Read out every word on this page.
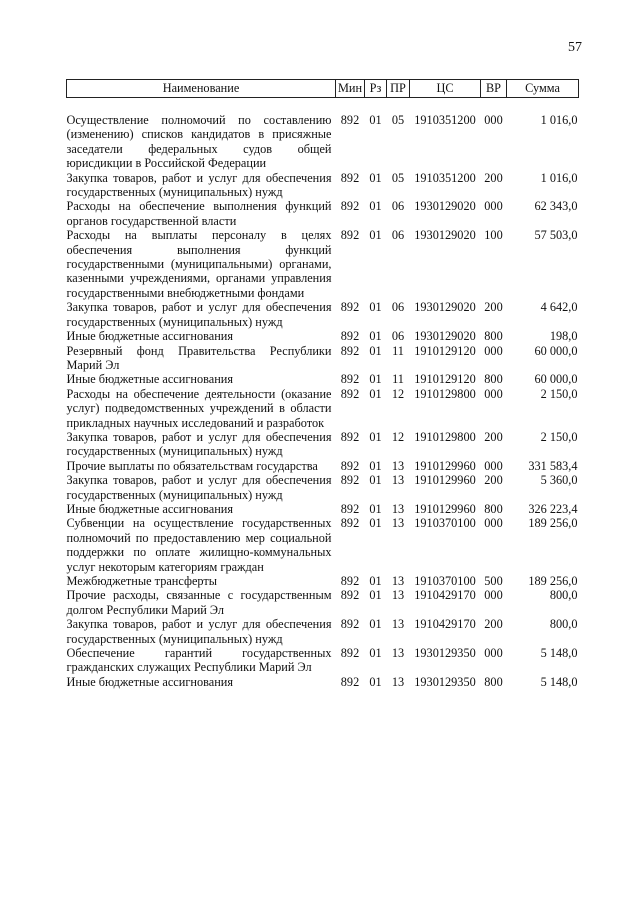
57
Наименование	Мин	Рз	ПР	ЦС	ВР	Сумма

Осуществление полномочий по составлению (изменению) списков кандидатов в присяжные заседатели федеральных судов общей юрисдикции в Российской Федерации	892	01	05	1910351200	000	1 016,0
Закупка товаров, работ и услуг для обеспечения государственных (муниципальных) нужд	892	01	05	1910351200	200	1 016,0
Расходы на обеспечение выполнения функций органов государственной власти	892	01	06	1930129020	000	62 343,0
Расходы на выплаты персоналу в целях обеспечения выполнения функций государственными (муниципальными) органами, казенными учреждениями, органами управления государственными внебюджетными фондами	892	01	06	1930129020	100	57 503,0
Закупка товаров, работ и услуг для обеспечения государственных (муниципальных) нужд	892	01	06	1930129020	200	4 642,0
Иные бюджетные ассигнования	892	01	06	1930129020	800	198,0
Резервный фонд Правительства Республики Марий Эл	892	01	11	1910129120	000	60 000,0
Иные бюджетные ассигнования	892	01	11	1910129120	800	60 000,0
Расходы на обеспечение деятельности (оказание услуг) подведомственных учреждений в области прикладных научных исследований и разработок	892	01	12	1910129800	000	2 150,0
Закупка товаров, работ и услуг для обеспечения государственных (муниципальных) нужд	892	01	12	1910129800	200	2 150,0
Прочие выплаты по обязательствам государства	892	01	13	1910129960	000	331 583,4
Закупка товаров, работ и услуг для обеспечения государственных (муниципальных) нужд	892	01	13	1910129960	200	5 360,0
Иные бюджетные ассигнования	892	01	13	1910129960	800	326 223,4
Субвенции на осуществление государственных полномочий по предоставлению мер социальной поддержки по оплате жилищно-коммунальных услуг некоторым категориям граждан	892	01	13	1910370100	000	189 256,0
Межбюджетные трансферты	892	01	13	1910370100	500	189 256,0
Прочие расходы, связанные с государственным долгом Республики Марий Эл	892	01	13	1910429170	000	800,0
Закупка товаров, работ и услуг для обеспечения государственных (муниципальных) нужд	892	01	13	1910429170	200	800,0
Обеспечение гарантий государственных гражданских служащих Республики Марий Эл	892	01	13	1930129350	000	5 148,0
Иные бюджетные ассигнования	892	01	13	1930129350	800	5 148,0
